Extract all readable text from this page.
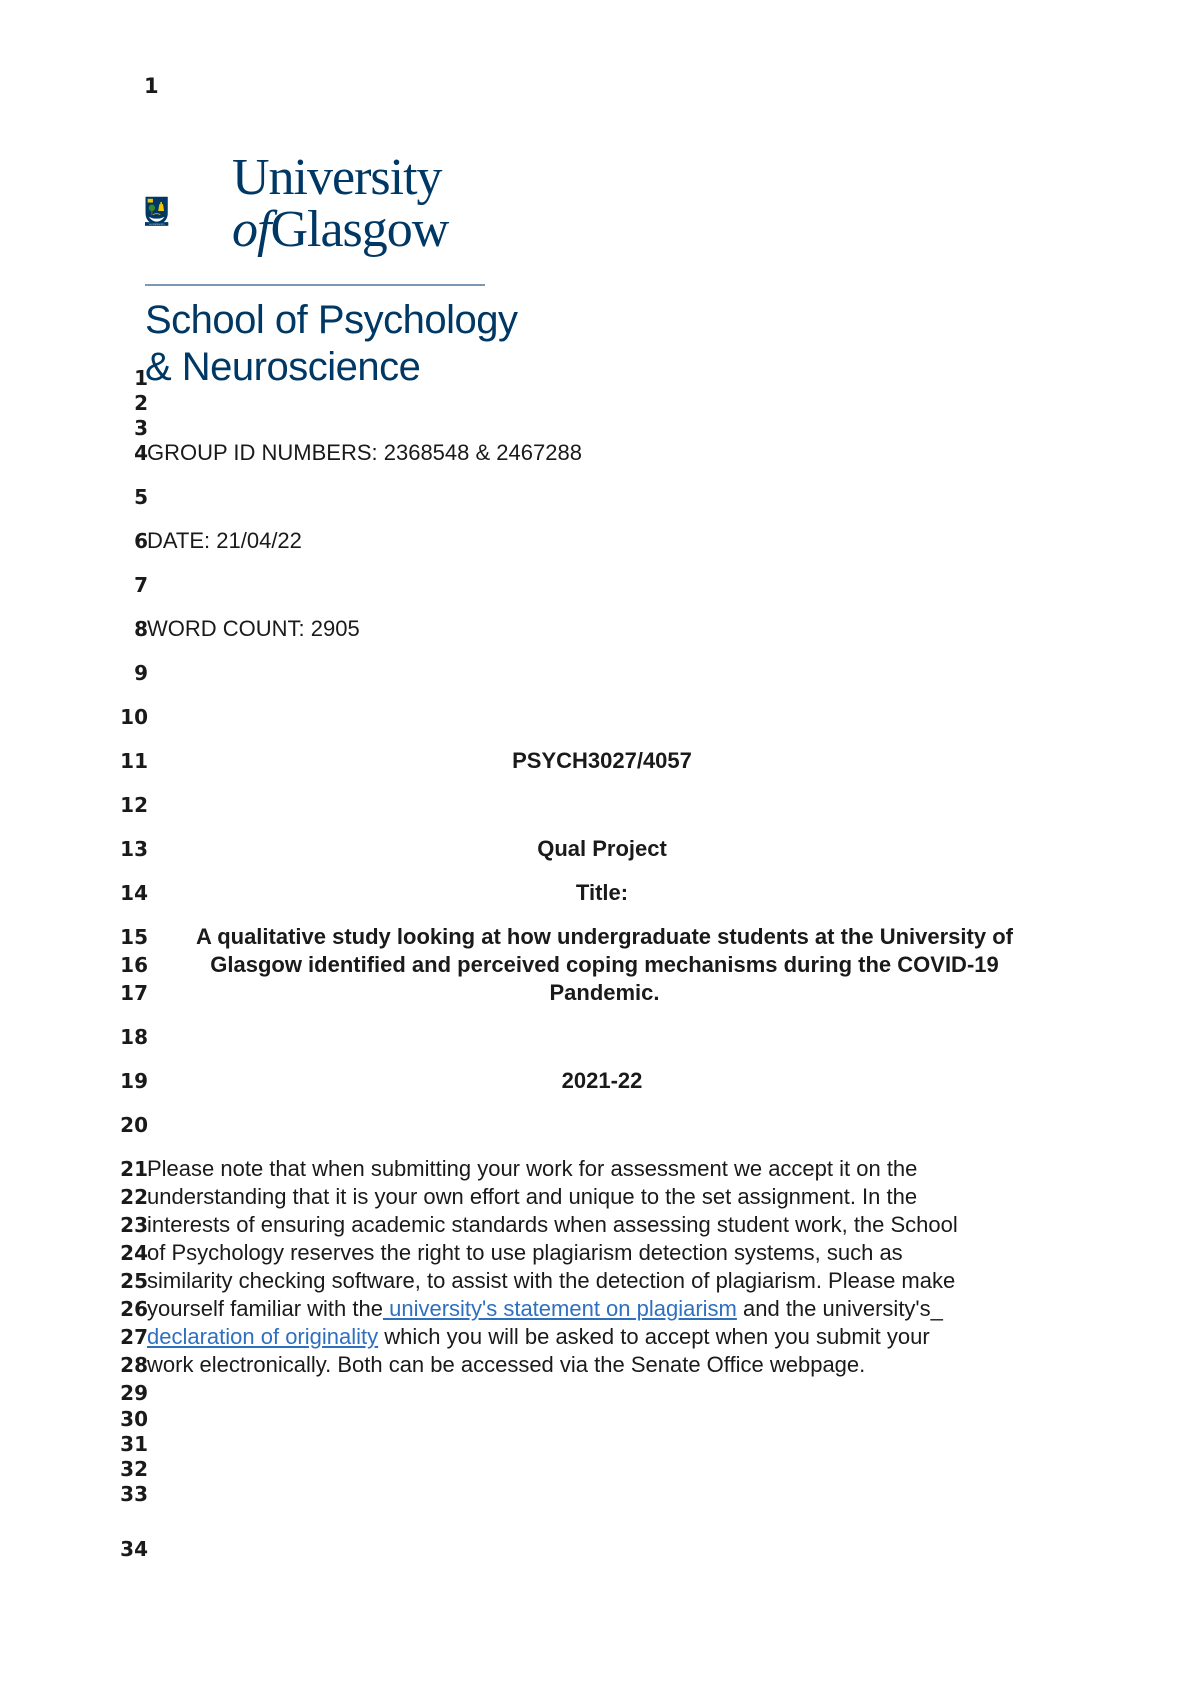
1
VIA VERITAS VITA
University
ofGlasgow
School of Psychology
& Neuroscience
1
2
3
4
5
6
7
8
9
10
11
12
13
14
15
16
17
18
19
20
21
22
23
24
25
26
27
28
29
30
31
32
33
34
GROUP ID NUMBERS: 2368548 & 2467288
DATE: 21/04/22
WORD COUNT: 2905
PSYCH3027/4057
Qual Project
Title:
A qualitative study looking at how undergraduate students at the University of
Glasgow identified and perceived coping mechanisms during the COVID-19
Pandemic.
2021-22
Please note that when submitting your work for assessment we accept it on the
understanding that it is your own effort and unique to the set assignment. In the
interests of ensuring academic standards when assessing student work, the School
of Psychology reserves the right to use plagiarism detection systems, such as
similarity checking software, to assist with the detection of plagiarism. Please make
yourself familiar with the university's statement on plagiarism and the university's_
declaration of originality which you will be asked to accept when you submit your
work electronically. Both can be accessed via the Senate Office webpage.
